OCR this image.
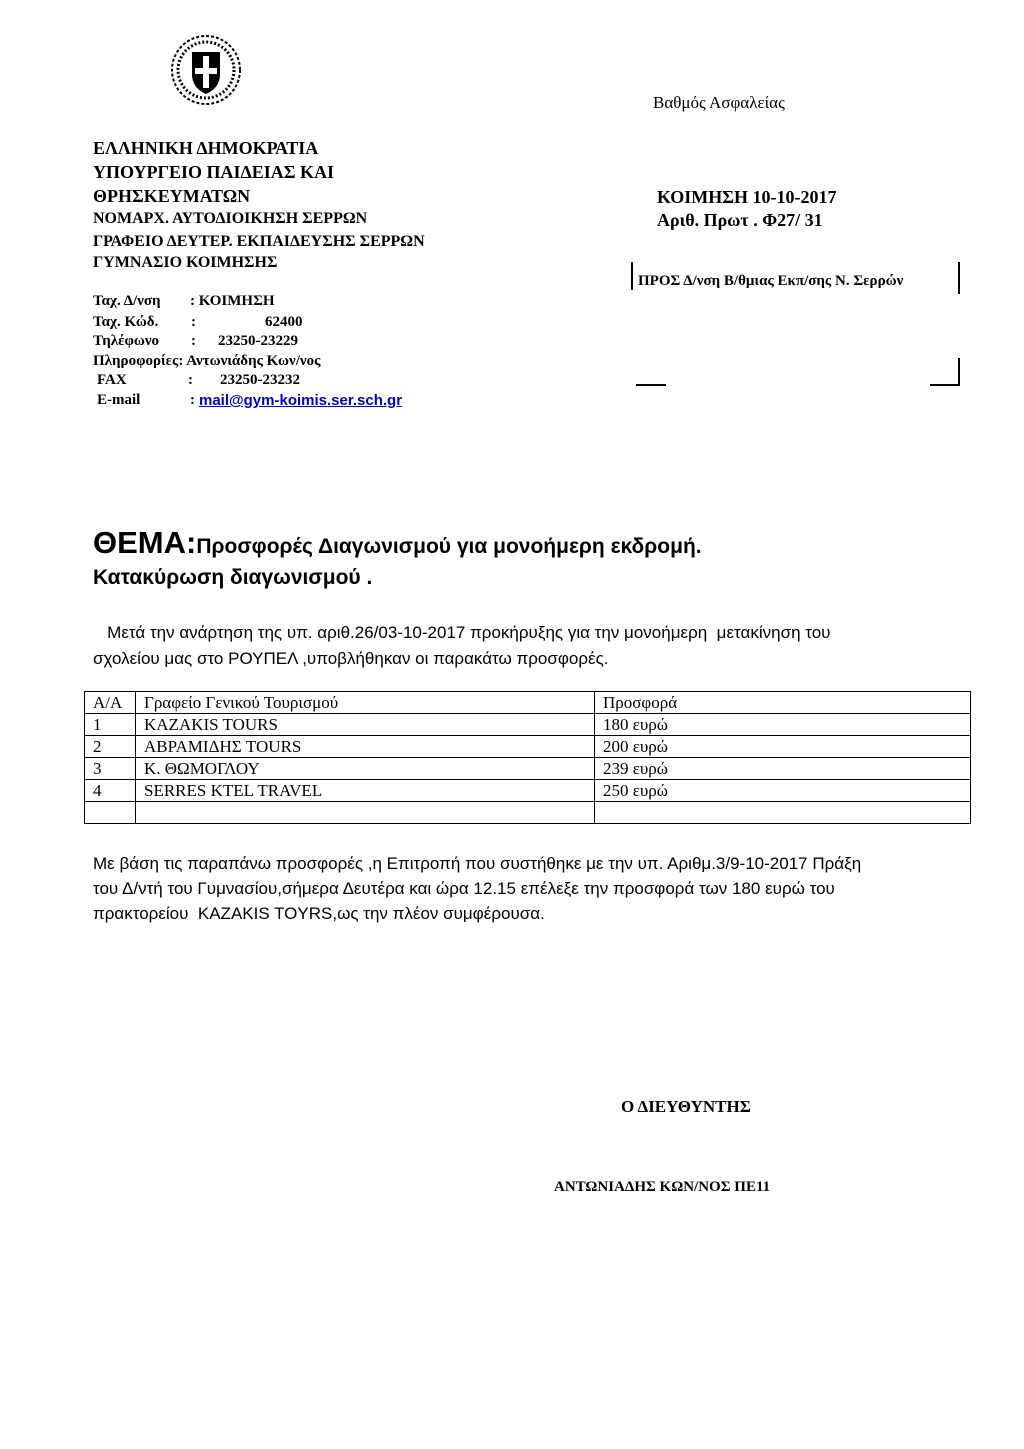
Βαθμός Ασφαλείας
ΕΛΛΗΝΙΚΗ ΔΗΜΟΚΡΑΤΙΑ
ΥΠΟΥΡΓΕΙΟ ΠΑΙΔΕΙΑΣ ΚΑΙ
ΘΡΗΣΚΕΥΜΑΤΩΝ
ΝΟΜΑΡΧ. ΑΥΤΟΔΙΟΙΚΗΣΗ ΣΕΡΡΩΝ
ΓΡΑΦΕΙΟ ΔΕΥΤΕΡ. ΕΚΠΑΙΔΕΥΣΗΣ ΣΕΡΡΩΝ
ΓΥΜΝΑΣΙΟ ΚΟΙΜΗΣΗΣ
ΚΟΙΜΗΣΗ 10-10-2017
Αριθ. Πρωτ . Φ27/ 31
ΠΡΟΣ Δ/νση Β/θμιας Εκπ/σης Ν. Σερρών
Ταχ. Δ/νση : ΚΟΙΜΗΣΗ
Ταχ. Κώδ. :	62400
Τηλέφωνο : 23250-23229
Πληροφορίες: Αντωνιάδης Κων/νος
FAX	: 23250-23232
E-mail	: mail@gym-koimis.ser.sch.gr
ΘΕΜΑ:Προσφορές Διαγωνισμού για μονοήμερη εκδρομή.
Κατακύρωση διαγωνισμού .
Μετά την ανάρτηση της υπ. αριθ.26/03-10-2017 προκήρυξης για την μονοήμερη  μετακίνηση του
σχολείου μας στο ΡΟΥΠΕΛ ,υποβλήθηκαν οι παρακάτω προσφορές.
Α/Α	Γραφείο Γενικού Τουρισμού	Προσφορά
1	KAZAKIS TOURS	180 ευρώ
2	ΑΒΡΑΜΙΔΗΣ TOURS	200 ευρώ
3	Κ. ΘΩΜΟΓΛΟΥ	239 ευρώ
4	SERRES KTEL TRAVEL	250 ευρώ

Με βάση τις παραπάνω προσφορές ,η Επιτροπή που συστήθηκε με την υπ. Αριθμ.3/9-10-2017 Πράξη
του Δ/ντή του Γυμνασίου,σήμερα Δευτέρα και ώρα 12.15 επέλεξε την προσφορά των 180 ευρώ του
πρακτορείου  KAZAKIS TOYRS,ως την πλέον συμφέρουσα.
Ο ΔΙΕΥΘΥΝΤΗΣ
ΑΝΤΩΝΙΑΔΗΣ ΚΩΝ/ΝΟΣ ΠΕ11
